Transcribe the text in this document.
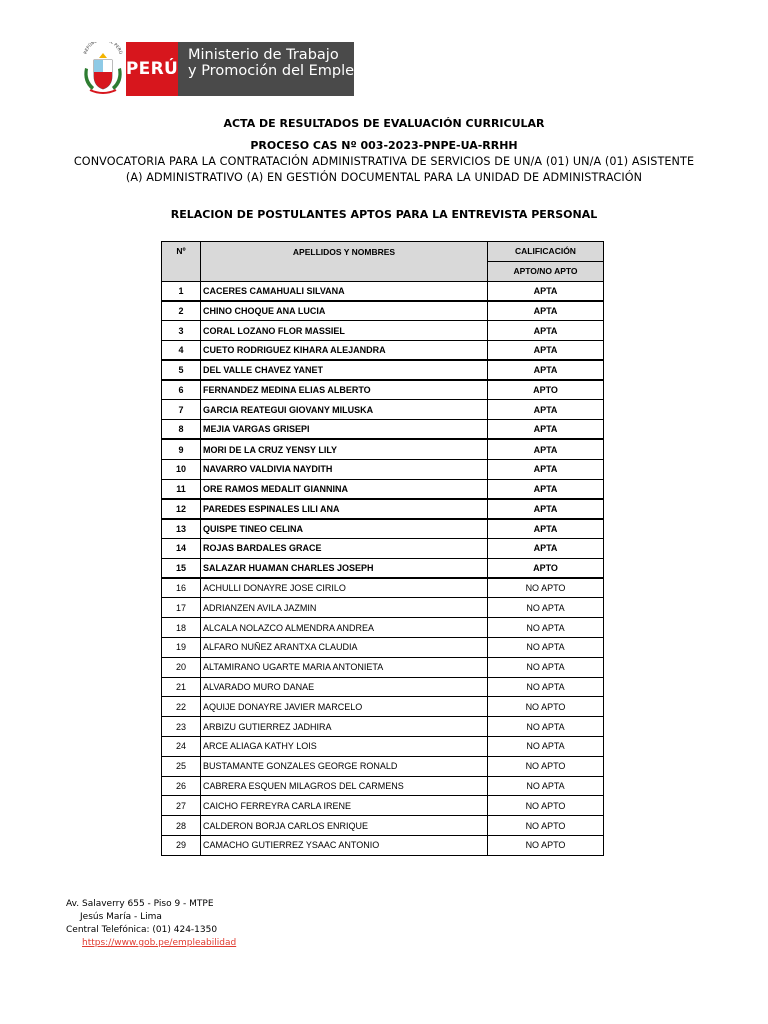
REPÚB L PERÚ
PERÚ
Ministerio de Trabajo
y Promoción del Empleo
ACTA DE RESULTADOS DE EVALUACIÓN CURRICULAR
PROCESO CAS Nº 003-2023-PNPE-UA-RRHH
CONVOCATORIA PARA LA CONTRATACIÓN ADMINISTRATIVA DE SERVICIOS DE UN/A (01) UN/A (01) ASISTENTE
(A) ADMINISTRATIVO (A) EN GESTIÓN DOCUMENTAL PARA LA UNIDAD DE ADMINISTRACIÓN
RELACION DE POSTULANTES APTOS PARA LA ENTREVISTA PERSONAL
Nº	APELLIDOS Y NOMBRES	CALIFICACIÓN
		APTO/NO APTO
1	CACERES CAMAHUALI SILVANA	APTA
2	CHINO CHOQUE ANA LUCIA	APTA
3	CORAL LOZANO FLOR MASSIEL	APTA
4	CUETO RODRIGUEZ KIHARA ALEJANDRA	APTA
5	DEL VALLE CHAVEZ YANET	APTA
6	FERNANDEZ MEDINA ELIAS ALBERTO	APTO
7	GARCIA REATEGUI GIOVANY MILUSKA	APTA
8	MEJIA VARGAS GRISEPI	APTA
9	MORI DE LA CRUZ YENSY LILY	APTA
10	NAVARRO VALDIVIA NAYDITH	APTA
11	ORE RAMOS MEDALIT GIANNINA	APTA
12	PAREDES ESPINALES LILI ANA	APTA
13	QUISPE TINEO CELINA	APTA
14	ROJAS BARDALES GRACE	APTA
15	SALAZAR HUAMAN CHARLES JOSEPH	APTO
16	ACHULLI DONAYRE JOSE CIRILO	NO APTO
17	ADRIANZEN AVILA JAZMIN	NO APTA
18	ALCALA NOLAZCO ALMENDRA ANDREA	NO APTA
19	ALFARO NUÑEZ ARANTXA CLAUDIA	NO APTA
20	ALTAMIRANO UGARTE MARIA ANTONIETA	NO APTA
21	ALVARADO MURO DANAE	NO APTA
22	AQUIJE DONAYRE JAVIER MARCELO	NO APTO
23	ARBIZU GUTIERREZ JADHIRA	NO APTA
24	ARCE ALIAGA KATHY LOIS	NO APTA
25	BUSTAMANTE GONZALES GEORGE RONALD	NO APTO
26	CABRERA ESQUEN MILAGROS DEL CARMENS	NO APTA
27	CAICHO FERREYRA CARLA IRENE	NO APTO
28	CALDERON BORJA CARLOS ENRIQUE	NO APTO
29	CAMACHO GUTIERREZ YSAAC ANTONIO	NO APTO
Av. Salaverry 655 - Piso 9 - MTPE
Jesús María - Lima
Central Telefónica: (01) 424-1350
https://www.gob.pe/empleabilidad
